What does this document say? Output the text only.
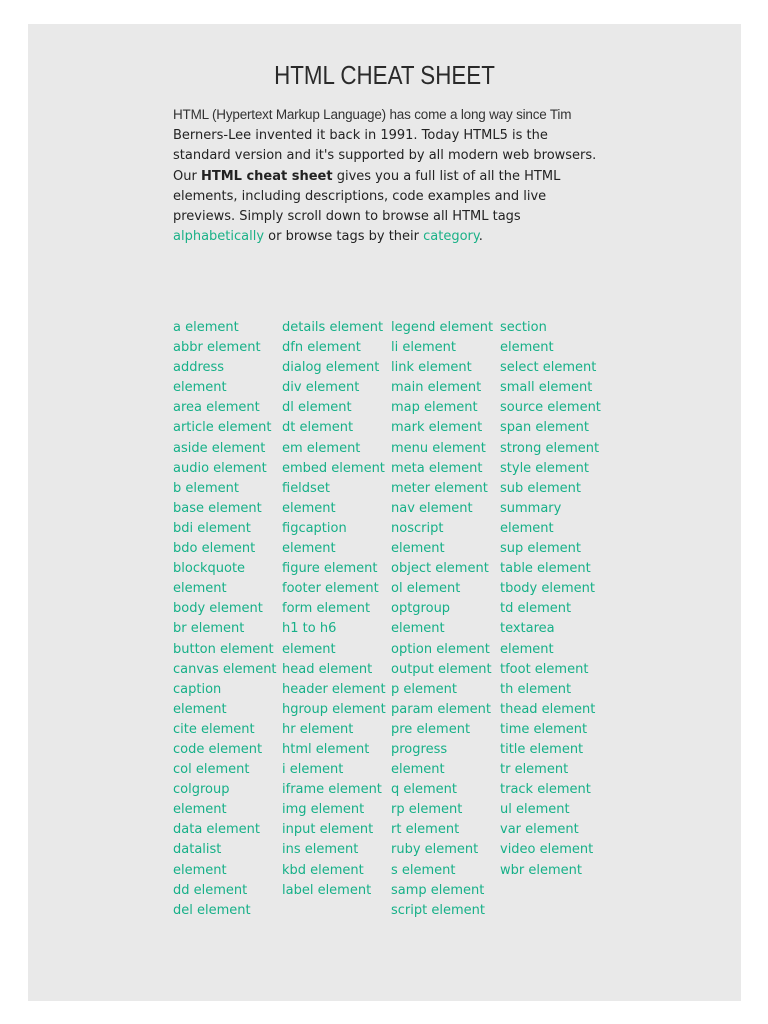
HTML CHEAT SHEET
HTML (Hypertext Markup Language) has come a long way since Tim
Berners-Lee invented it back in 1991. Today HTML5 is the standard version and it's supported by all modern web browsers. Our HTML cheat sheet gives you a full list of all the HTML elements, including descriptions, code examples and live previews. Simply scroll down to browse all HTML tags alphabetically or browse tags by their category.
a element
abbr element
address element
area element
article element
aside element
audio element
b element
base element
bdi element
bdo element
blockquote element
body element
br element
button element
canvas element
caption element
cite element
code element
col element
colgroup element
data element
datalist element
dd element
del element
details element
dfn element
dialog element
div element
dl element
dt element
em element
embed element
fieldset element
figcaption element
figure element
footer element
form element
h1 to h6 element
head element
header element
hgroup element
hr element
html element
i element
iframe element
img element
input element
ins element
kbd element
label element
legend element
li element
link element
main element
map element
mark element
menu element
meta element
meter element
nav element
noscript element
object element
ol element
optgroup element
option element
output element
p element
param element
pre element
progress element
q element
rp element
rt element
ruby element
s element
samp element
script element
section element
select element
small element
source element
span element
strong element
style element
sub element
summary element
sup element
table element
tbody element
td element
textarea element
tfoot element
th element
thead element
time element
title element
tr element
track element
ul element
var element
video element
wbr element
